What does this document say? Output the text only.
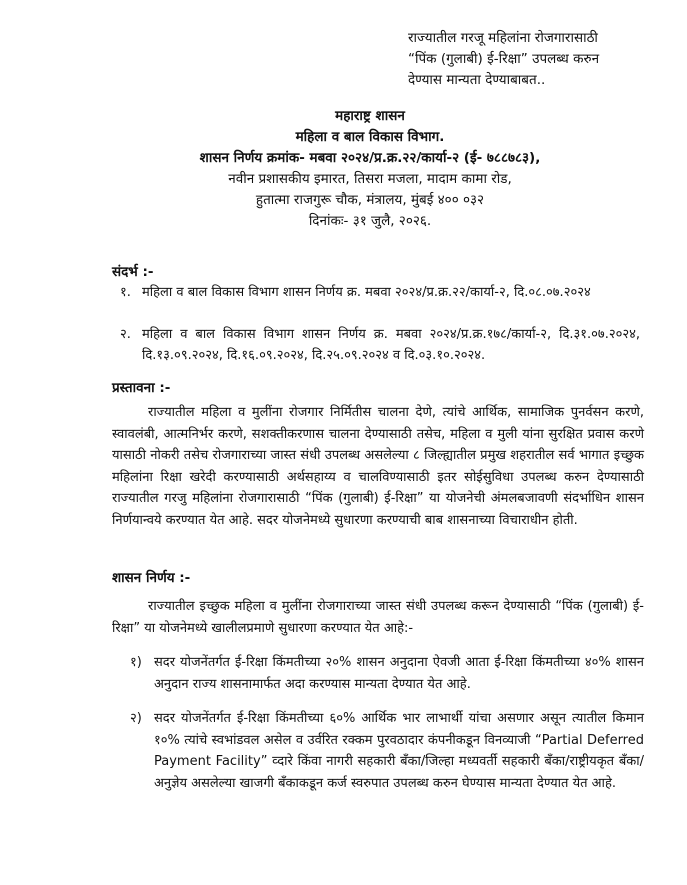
राज्यातील गरजू महिलांना रोजगारासाठी
“पिंक (गुलाबी) ई-रिक्षा” उपलब्ध करुन
देण्यास मान्यता देण्याबाबत..
महाराष्ट्र शासन
महिला व बाल विकास विभाग.
शासन निर्णय क्रमांक- मबवा २०२४/प्र.क्र.२२/कार्या-२ (ई- ७८८७८३),
नवीन प्रशासकीय इमारत, तिसरा मजला, मादाम कामा रोड,
हुतात्मा राजगुरू चौक, मंत्रालय, मुंबई ४०० ०३२
दिनांकः- ३१ जुलै, २०२६.
संदर्भ :-
१. महिला व बाल विकास विभाग शासन निर्णय क्र. मबवा २०२४/प्र.क्र.२२/कार्या-२, दि.०८.०७.२०२४
२. महिला व बाल विकास विभाग शासन निर्णय क्र. मबवा २०२४/प्र.क्र.१७८/कार्या-२, दि.३१.०७.२०२४, दि.१३.०९.२०२४, दि.१६.०९.२०२४, दि.२५.०९.२०२४ व दि.०३.१०.२०२४.
प्रस्तावना :-
राज्यातील महिला व मुलींना रोजगार निर्मितीस चालना देणे, त्यांचे आर्थिक, सामाजिक पुनर्वसन करणे, स्वावलंबी, आत्मनिर्भर करणे, सशक्तीकरणास चालना देण्यासाठी तसेच, महिला व मुली यांना सुरक्षित प्रवास करणे यासाठी नोकरी तसेच रोजगाराच्या जास्त संधी उपलब्ध असलेल्या ८ जिल्ह्यातील प्रमुख शहरातील सर्व भागात इच्छुक महिलांना रिक्षा खरेदी करण्यासाठी अर्थसहाय्य व चालविण्यासाठी इतर सोईसुविधा उपलब्ध करुन देण्यासाठी राज्यातील गरजु महिलांना रोजगारासाठी “पिंक (गुलाबी) ई-रिक्षा” या योजनेची अंमलबजावणी संदर्भाधिन शासन निर्णयान्वये करण्यात येत आहे. सदर योजनेमध्ये सुधारणा करण्याची बाब शासनाच्या विचाराधीन होती.
शासन निर्णय :-
राज्यातील इच्छुक महिला व मुलींना रोजगाराच्या जास्त संधी उपलब्ध करून देण्यासाठी “पिंक (गुलाबी) ई-रिक्षा” या योजनेमध्ये खालीलप्रमाणे सुधारणा करण्यात येत आहे:-
१) सदर योजनेंतर्गत ई-रिक्षा किंमतीच्या २०% शासन अनुदाना ऐवजी आता ई-रिक्षा किंमतीच्या ४०% शासन अनुदान राज्य शासनामार्फत अदा करण्यास मान्यता देण्यात येत आहे.
२) सदर योजनेंतर्गत ई-रिक्षा किंमतीच्या ६०% आर्थिक भार लाभार्थी यांचा असणार असून त्यातील किमान १०% त्यांचे स्वभांडवल असेल व उर्वरित रक्कम पुरवठादार कंपनीकडून विनव्याजी “Partial Deferred Payment Facility” व्दारे किंवा नागरी सहकारी बँका/जिल्हा मध्यवर्ती सहकारी बँका/राष्ट्रीयकृत बँका/अनुज्ञेय असलेल्या खाजगी बँकाकडून कर्ज स्वरुपात उपलब्ध करुन घेण्यास मान्यता देण्यात येत आहे.
